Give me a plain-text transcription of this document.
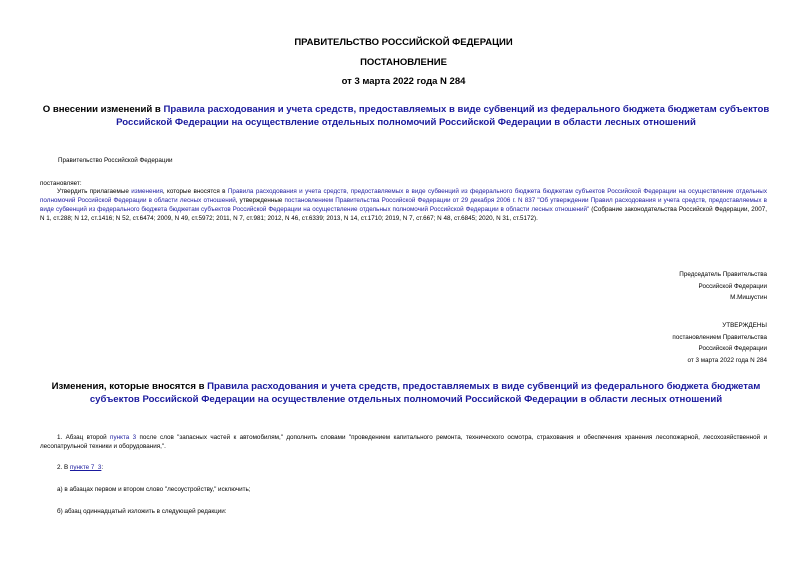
ПРАВИТЕЛЬСТВО РОССИЙСКОЙ ФЕДЕРАЦИИ
ПОСТАНОВЛЕНИЕ
от 3 марта 2022 года N 284
О внесении изменений в Правила расходования и учета средств, предоставляемых в виде субвенций из федерального бюджета бюджетам субъектов Российской Федерации на осуществление отдельных полномочий Российской Федерации в области лесных отношений
Правительство Российской Федерации
постановляет:
Утвердить прилагаемые изменения, которые вносятся в Правила расходования и учета средств, предоставляемых в виде субвенций из федерального бюджета бюджетам субъектов Российской Федерации на осуществление отдельных полномочий Российской Федерации в области лесных отношений, утвержденные постановлением Правительства Российской Федерации от 29 декабря 2006 г. N 837 "Об утверждении Правил расходования и учета средств, предоставляемых в виде субвенций из федерального бюджета бюджетам субъектов Российской Федерации на осуществление отдельных полномочий Российской Федерации в области лесных отношений" (Собрание законодательства Российской Федерации, 2007, N 1, ст.288; N 12, ст.1416; N 52, ст.6474; 2009, N 49, ст.5972; 2011, N 7, ст.981; 2012, N 46, ст.6339; 2013, N 14, ст.1710; 2019, N 7, ст.667; N 48, ст.6845; 2020, N 31, ст.5172).
Председатель Правительства
Российской Федерации
М.Мишустин
УТВЕРЖДЕНЫ
постановлением Правительства
Российской Федерации
от 3 марта 2022 года N 284
Изменения, которые вносятся в Правила расходования и учета средств, предоставляемых в виде субвенций из федерального бюджета бюджетам субъектов Российской Федерации на осуществление отдельных полномочий Российской Федерации в области лесных отношений
1. Абзац второй пункта 3 после слов "запасных частей к автомобилям," дополнить словами "проведением капитального ремонта, технического осмотра, страхования и обеспечения хранения лесопожарной, лесохозяйственной и лесопатрульной техники и оборудования,".
2. В пункте 7_3:
а) в абзацах первом и втором слово "лесоустройству," исключить;
б) абзац одиннадцатый изложить в следующей редакции:
